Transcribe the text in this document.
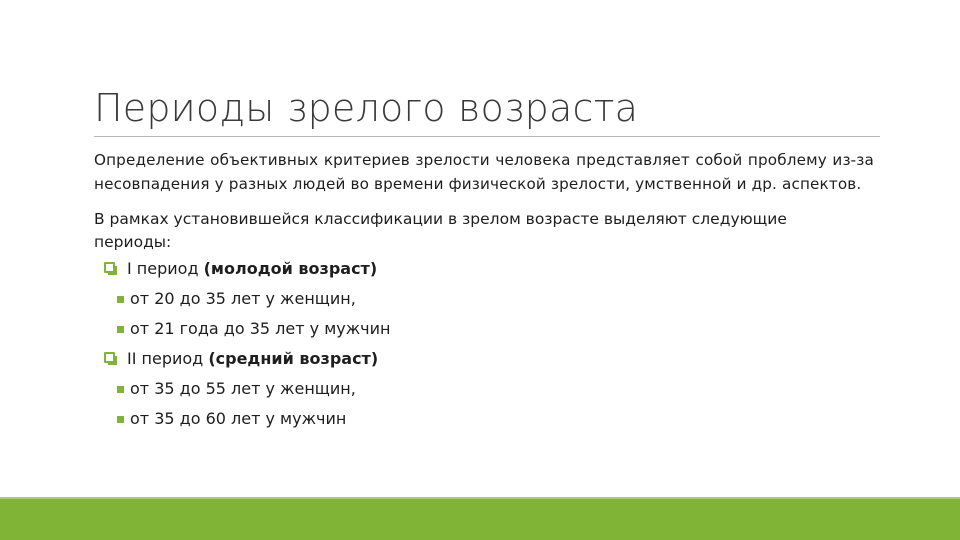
Периоды зрелого возраста

Определение объективных критериев зрелости человека представляет собой проблему из-за несовпадения у разных людей во времени физической зрелости, умственной и др. аспектов.

В рамках установившейся классификации в зрелом возрасте выделяют следующие периоды:

I период (молодой возраст)
от 20 до 35 лет у женщин,
от 21 года до 35 лет у мужчин
II период (средний возраст)
от 35 до 55 лет у женщин,
от 35 до 60 лет у мужчин
